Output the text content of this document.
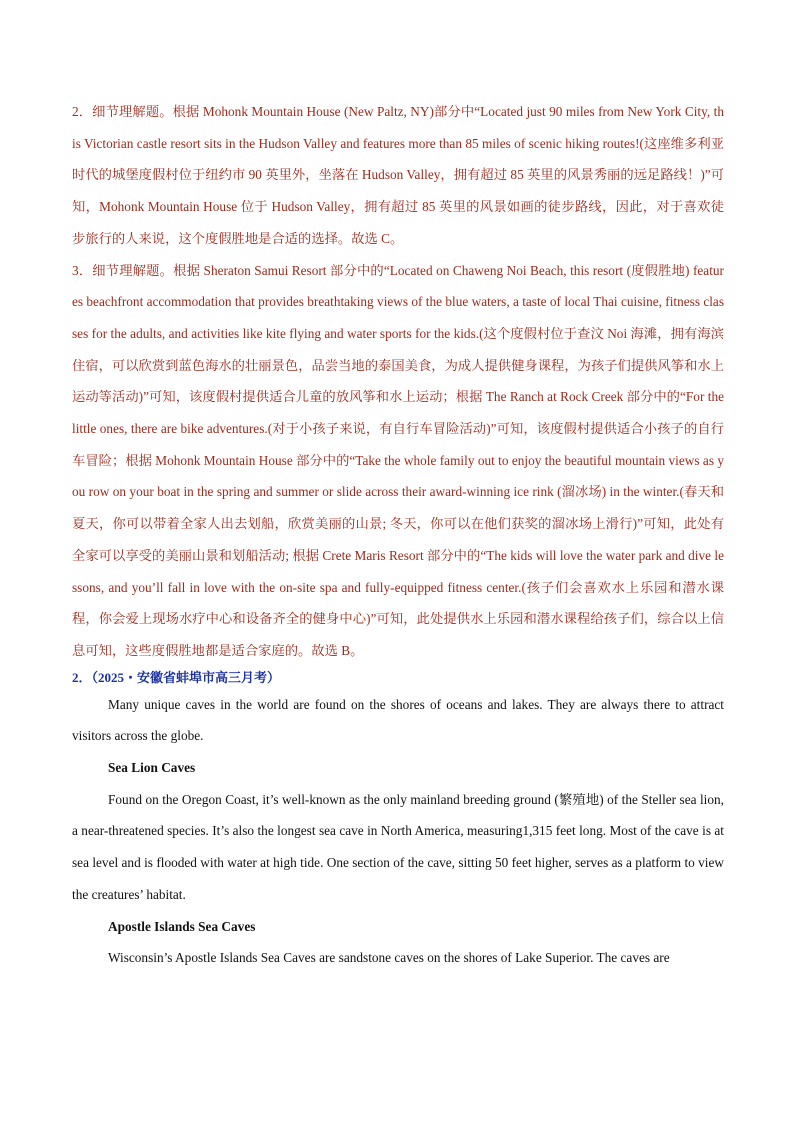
2．细节理解题。根据 Mohonk Mountain House (New Paltz, NY)部分中“Located just 90 miles from New York City, this Victorian castle resort sits in the Hudson Valley and features more than 85 miles of scenic hiking routes!(这座维多利亚时代的城堡度假村位于纽约市 90 英里外，坐落在 Hudson Valley，拥有超过 85 英里的风景秀丽的远足路线！)”可知，Mohonk Mountain House 位于 Hudson Valley，拥有超过 85 英里的风景如画的徒步路线，因此，对于喜欢徒步旅行的人来说，这个度假胜地是合适的选择。故选 C。

3．细节理解题。根据 Sheraton Samui Resort 部分中的“Located on Chaweng Noi Beach, this resort (度假胜地) features beachfront accommodation that provides breathtaking views of the blue waters, a taste of local Thai cuisine, fitness classes for the adults, and activities like kite flying and water sports for the kids.(这个度假村位于查汶 Noi 海滩，拥有海滨住宿，可以欣赏到蓝色海水的壮丽景色，品尝当地的泰国美食，为成人提供健身课程，为孩子们提供风筝和水上运动等活动)”可知，该度假村提供适合儿童的放风筝和水上运动；根据 The Ranch at Rock Creek 部分中的“For the little ones, there are bike adventures.(对于小孩子来说，有自行车冒险活动)”可知，该度假村提供适合小孩子的自行车冒险；根据 Mohonk Mountain House 部分中的“Take the whole family out to enjoy the beautiful mountain views as you row on your boat in the spring and summer or slide across their award-winning ice rink (溜冰场) in the winter.(春天和夏天，你可以带着全家人出去划船，欣赏美丽的山景; 冬天，你可以在他们获奖的溜冰场上滑行)”可知，此处有全家可以享受的美丽山景和划船活动; 根据 Crete Maris Resort 部分中的“The kids will love the water park and dive lessons, and you’ll fall in love with the on-site spa and fully-equipped fitness center.(孩子们会喜欢水上乐园和潜水课程，你会爱上现场水疗中心和设备齐全的健身中心)”可知，此处提供水上乐园和潜水课程给孩子们，综合以上信息可知，这些度假胜地都是适合家庭的。故选 B。

2．（2025・安徽省蚌埠市高三月考）

Many unique caves in the world are found on the shores of oceans and lakes. They are always there to attract visitors across the globe.

Sea Lion Caves

Found on the Oregon Coast, it’s well-known as the only mainland breeding ground (繁殖地) of the Steller sea lion, a near-threatened species. It’s also the longest sea cave in North America, measuring1,315 feet long. Most of the cave is at sea level and is flooded with water at high tide. One section of the cave, sitting 50 feet higher, serves as a platform to view the creatures’ habitat.

Apostle Islands Sea Caves

Wisconsin’s Apostle Islands Sea Caves are sandstone caves on the shores of Lake Superior. The caves are
